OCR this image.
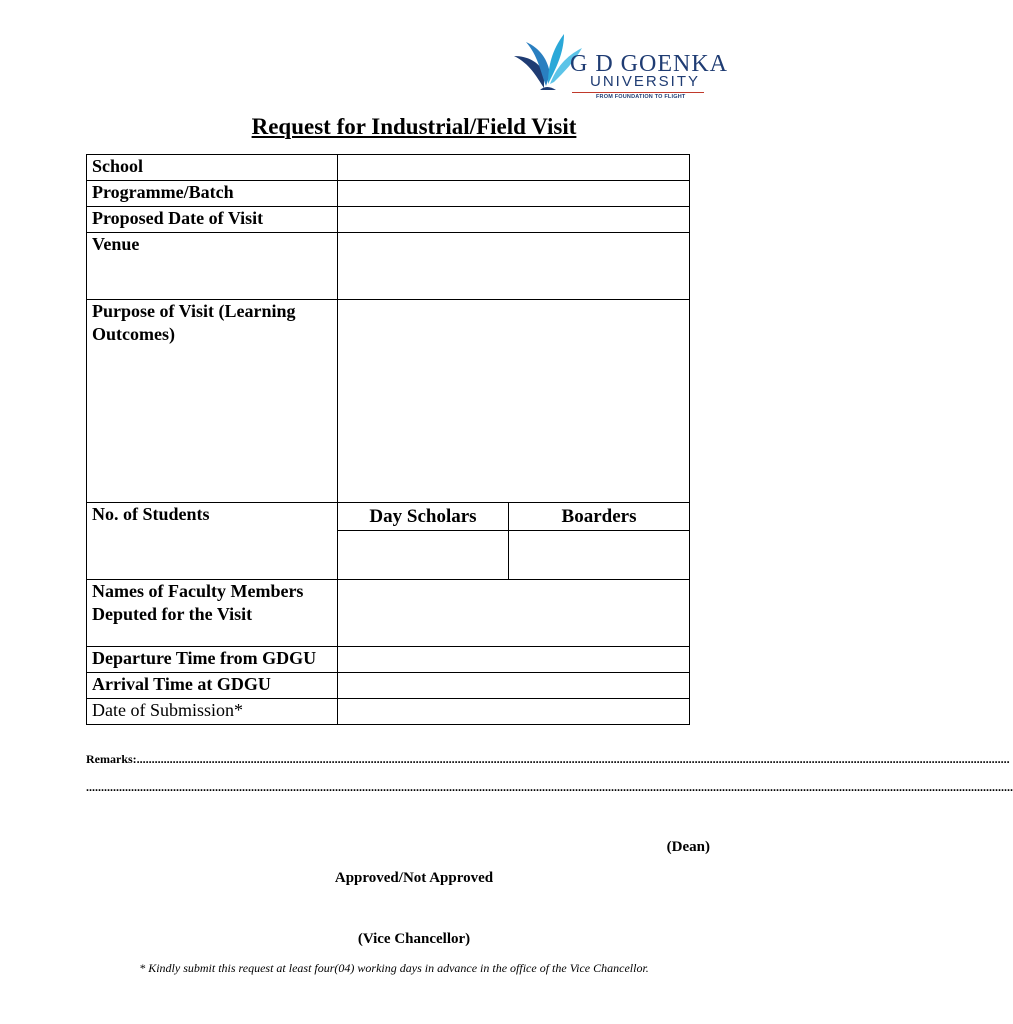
G D GOENKA
UNIVERSITY
FROM FOUNDATION TO FLIGHT
Request for Industrial/Field Visit
School		
Programme/Batch		
Proposed Date of Visit		
Venue		
Purpose of Visit (Learning Outcomes)		
No. of Students	Day Scholars	Boarders

Names of Faculty Members Deputed for the Visit		
Departure Time from GDGU		
Arrival Time at GDGU		
Date of Submission*		
Remarks:...................................................................................................................................................................................................................................................................................................
.....................................................................................................................................................................................................................................................................................................................
(Dean)
Approved/Not Approved
(Vice Chancellor)
* Kindly submit this request at least four(04) working days in advance in the office of the Vice Chancellor.
